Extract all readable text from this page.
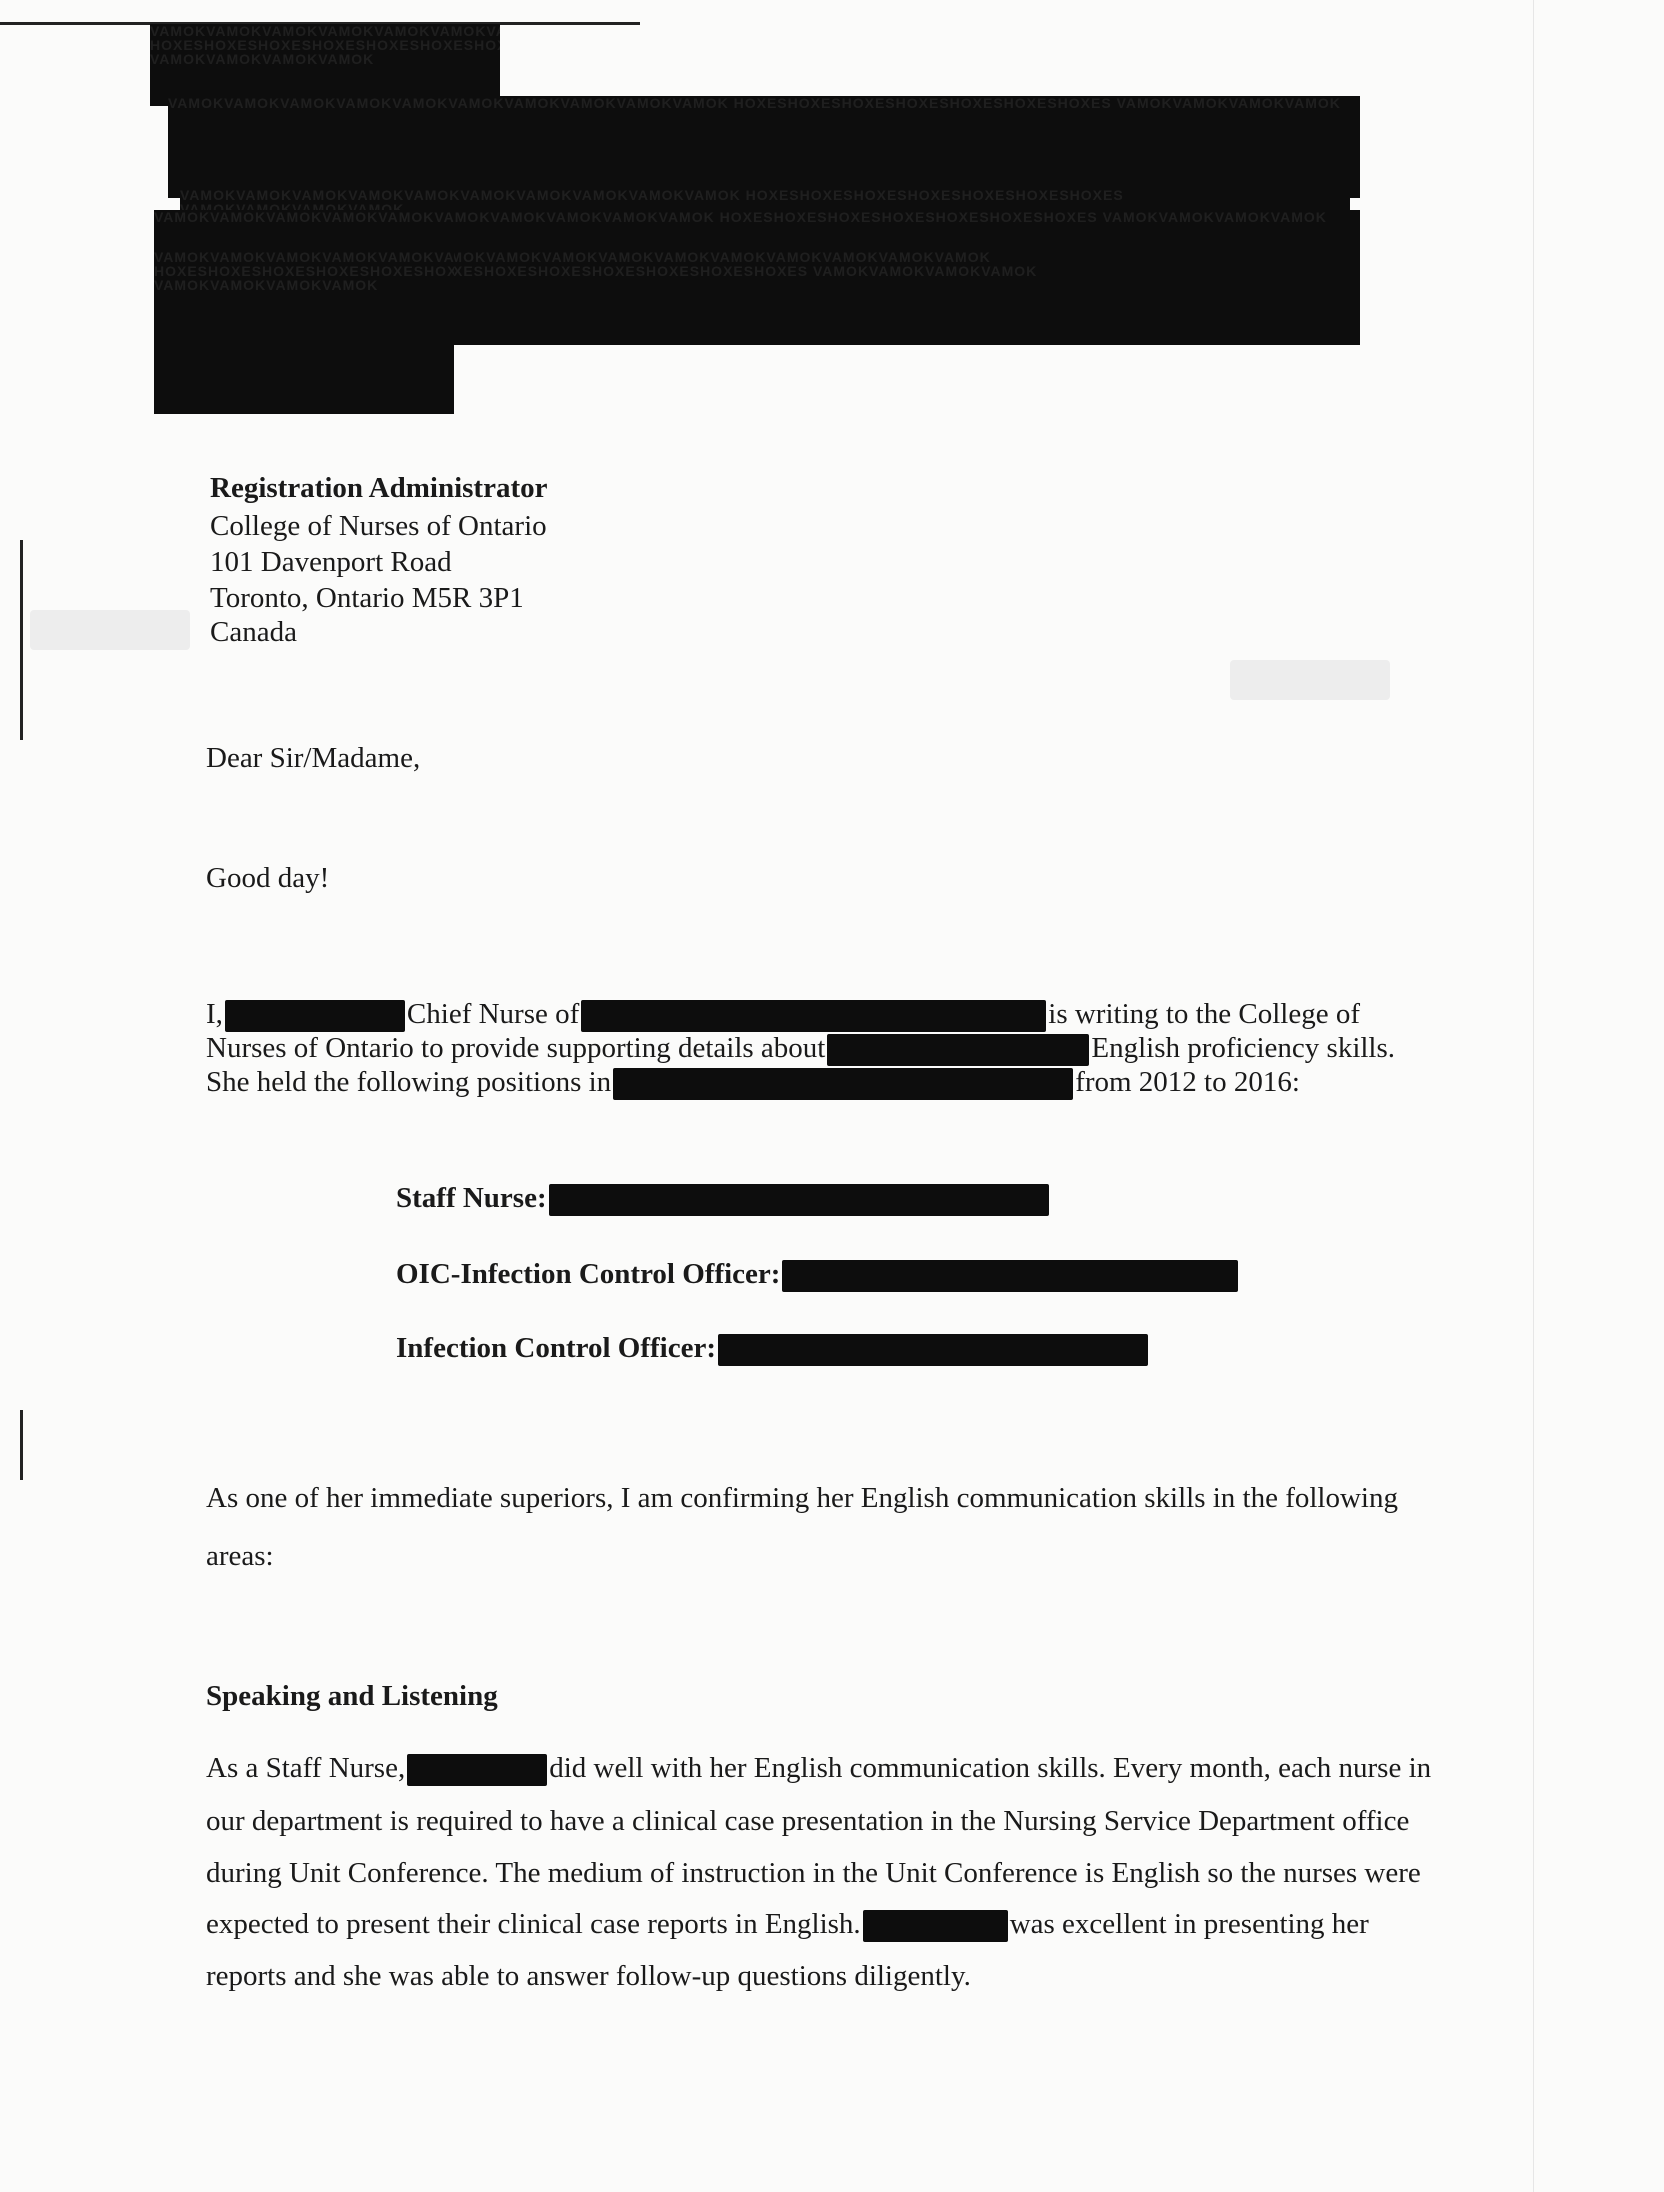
VAMOKVAMOKVAMOKVAMOKVAMOKVAMOKVAMOKVAMOKVAMOKVAMOK HOXESHOXESHOXESHOXESHOXESHOXESHOXES VAMOKVAMOKVAMOKVAMOK
VAMOKVAMOKVAMOKVAMOKVAMOKVAMOKVAMOKVAMOKVAMOKVAMOK HOXESHOXESHOXESHOXESHOXESHOXESHOXES VAMOKVAMOKVAMOKVAMOK
VAMOKVAMOKVAMOKVAMOKVAMOKVAMOKVAMOKVAMOKVAMOKVAMOK HOXESHOXESHOXESHOXESHOXESHOXESHOXES VAMOKVAMOKVAMOKVAMOK
VAMOKVAMOKVAMOKVAMOKVAMOKVAMOKVAMOKVAMOKVAMOKVAMOK HOXESHOXESHOXESHOXESHOXESHOXESHOXES VAMOKVAMOKVAMOKVAMOK
VAMOKVAMOKVAMOKVAMOKVAMOKVAMOKVAMOKVAMOKVAMOKVAMOK HOXESHOXESHOXESHOXESHOXESHOXESHOXES VAMOKVAMOKVAMOKVAMOK
VAMOKVAMOKVAMOKVAMOKVAMOKVAMOKVAMOKVAMOKVAMOKVAMOK HOXESHOXESHOXESHOXESHOXESHOXESHOXES VAMOKVAMOKVAMOKVAMOK
Registration Administrator
College of Nurses of Ontario
101 Davenport Road
Toronto, Ontario M5R 3P1
Canada
Dear Sir/Madame,
Good day!
I,	Chief Nurse of	is writing to the College of
Nurses of Ontario to provide supporting details about	English proficiency skills.
She held the following positions in	from 2012 to 2016:
Staff Nurse:
OIC-Infection Control Officer:
Infection Control Officer:
As one of her immediate superiors, I am confirming her English communication skills in the following
areas:
Speaking and Listening
As a Staff Nurse,	did well with her English communication skills. Every month, each nurse in
our department is required to have a clinical case presentation in the Nursing Service Department office
during Unit Conference. The medium of instruction in the Unit Conference is English so the nurses were
expected to present their clinical case reports in English.	was excellent in presenting her
reports and she was able to answer follow-up questions diligently.
